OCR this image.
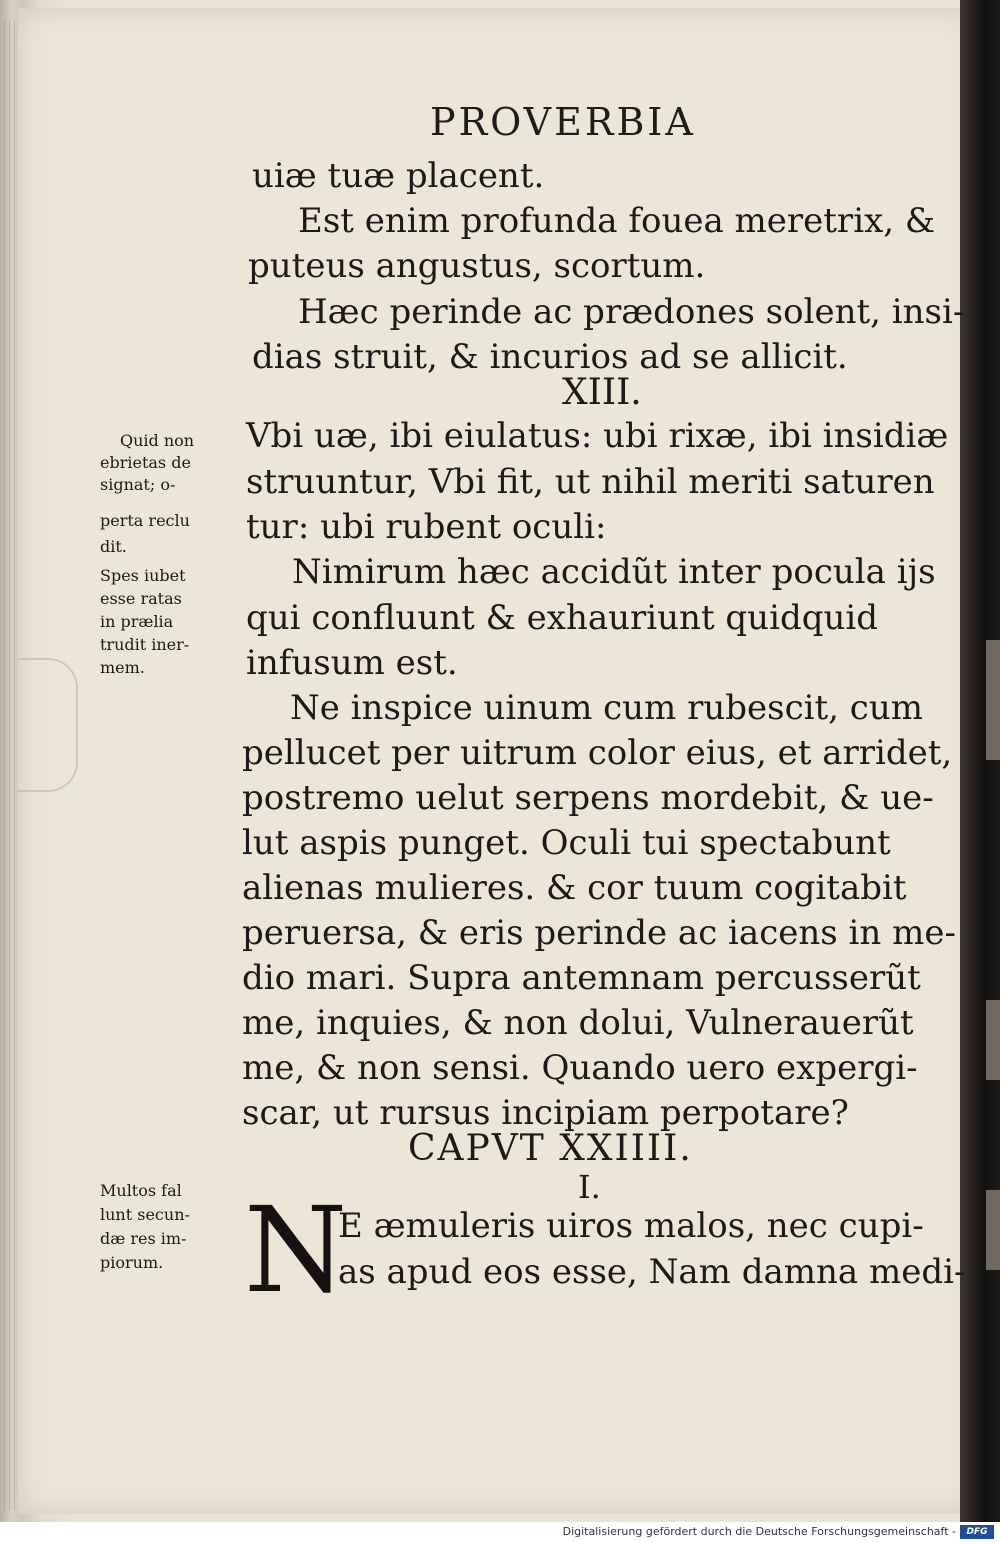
PROVERBIA
uiæ tuæ placent.
Est enim profunda fouea meretrix, &
puteus angustus, scortum.
Hæc perinde ac prædones solent, insi-
dias struit, & incurios ad se allicit.
XIII.
Vbi uæ, ibi eiulatus: ubi rixæ, ibi insidiæ
struuntur, Vbi fit, ut nihil meriti saturen
tur: ubi rubent oculi:
Nimirum hæc accidũt inter pocula ijs
qui confluunt & exhauriunt quidquid
infusum est.
Ne inspice uinum cum rubescit, cum
pellucet per uitrum color eius, et arridet,
postremo uelut serpens mordebit, & ue-
lut aspis punget. Oculi tui spectabunt
alienas mulieres. & cor tuum cogitabit
peruersa, & eris perinde ac iacens in me-
dio mari. Supra antemnam percusserũt
me, inquies, & non dolui, Vulnerauerũt
me, & non sensi. Quando uero expergi-
scar, ut rursus incipiam perpotare?
CAPVT XXIIII.
I.
N
E æmuleris uiros malos, nec cupi-
as apud eos esse, Nam damna medi-
Quid non
ebrietas de
signat; o-
perta reclu
dit.
Spes iubet
esse ratas
in prælia
trudit iner-
mem.
Multos fal
lunt secun-
dæ res im-
piorum.
Digitalisierung gefördert durch die Deutsche Forschungsgemeinschaft -	DFG
